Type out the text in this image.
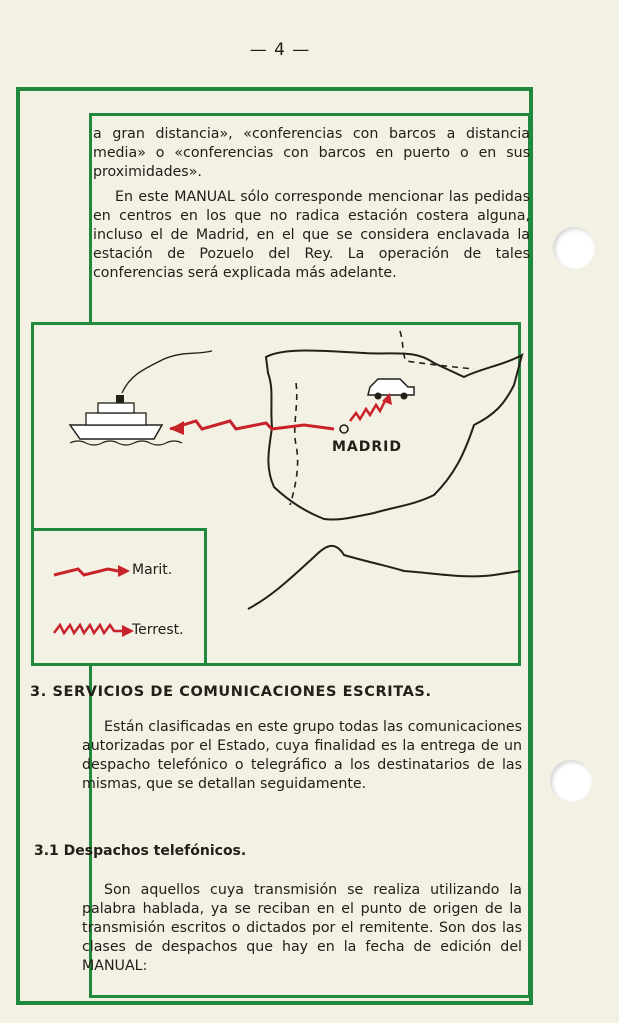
— 4 —

a gran distancia», «conferencias con barcos a distancia media» o «conferencias con barcos en puerto o en sus proximidades».

En este MANUAL sólo corresponde mencionar las pedidas en centros en los que no radica estación costera alguna, incluso el de Madrid, en el que se considera enclavada la estación de Pozuelo del Rey. La operación de tales conferencias será explicada más adelante.

MADRID
Marit.
Terrest.
3. SERVICIOS DE COMUNICACIONES ESCRITAS.

Están clasificadas en este grupo todas las comunicaciones autorizadas por el Estado, cuya finalidad es la entrega de un despacho telefónico o telegráfico a los destinatarios de las mismas, que se detallan seguidamente.

3.1 Despachos telefónicos.

Son aquellos cuya transmisión se realiza utilizando la palabra hablada, ya se reciban en el punto de origen de la transmisión escritos o dictados por el remitente. Son dos las clases de despachos que hay en la fecha de edición del MANUAL:
